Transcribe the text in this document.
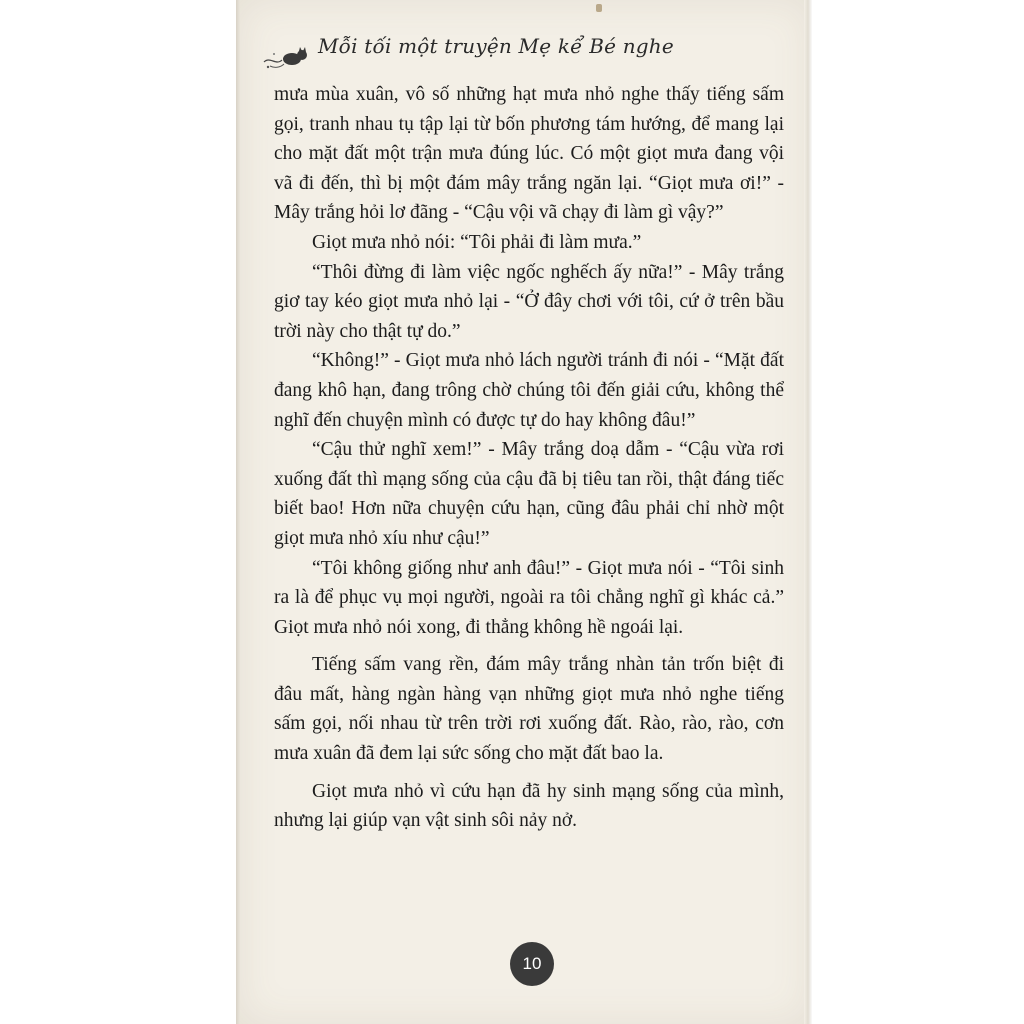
Mỗi tối một truyện Mẹ kể Bé nghe

mưa mùa xuân, vô số những hạt mưa nhỏ nghe thấy tiếng sấm gọi, tranh nhau tụ tập lại từ bốn phương tám hướng, để mang lại cho mặt đất một trận mưa đúng lúc. Có một giọt mưa đang vội vã đi đến, thì bị một đám mây trắng ngăn lại. “Giọt mưa ơi!” - Mây trắng hỏi lơ đãng - “Cậu vội vã chạy đi làm gì vậy?”

Giọt mưa nhỏ nói: “Tôi phải đi làm mưa.”

“Thôi đừng đi làm việc ngốc nghếch ấy nữa!” - Mây trắng giơ tay kéo giọt mưa nhỏ lại - “Ở đây chơi với tôi, cứ ở trên bầu trời này cho thật tự do.”

“Không!” - Giọt mưa nhỏ lách người tránh đi nói - “Mặt đất đang khô hạn, đang trông chờ chúng tôi đến giải cứu, không thể nghĩ đến chuyện mình có được tự do hay không đâu!”

“Cậu thử nghĩ xem!” - Mây trắng doạ dẫm - “Cậu vừa rơi xuống đất thì mạng sống của cậu đã bị tiêu tan rồi, thật đáng tiếc biết bao! Hơn nữa chuyện cứu hạn, cũng đâu phải chỉ nhờ một giọt mưa nhỏ xíu như cậu!”

“Tôi không giống như anh đâu!” - Giọt mưa nói - “Tôi sinh ra là để phục vụ mọi người, ngoài ra tôi chẳng nghĩ gì khác cả.” Giọt mưa nhỏ nói xong, đi thẳng không hề ngoái lại.

Tiếng sấm vang rền, đám mây trắng nhàn tản trốn biệt đi đâu mất, hàng ngàn hàng vạn những giọt mưa nhỏ nghe tiếng sấm gọi, nối nhau từ trên trời rơi xuống đất. Rào, rào, rào, cơn mưa xuân đã đem lại sức sống cho mặt đất bao la.

Giọt mưa nhỏ vì cứu hạn đã hy sinh mạng sống của mình, nhưng lại giúp vạn vật sinh sôi nảy nở.

10
